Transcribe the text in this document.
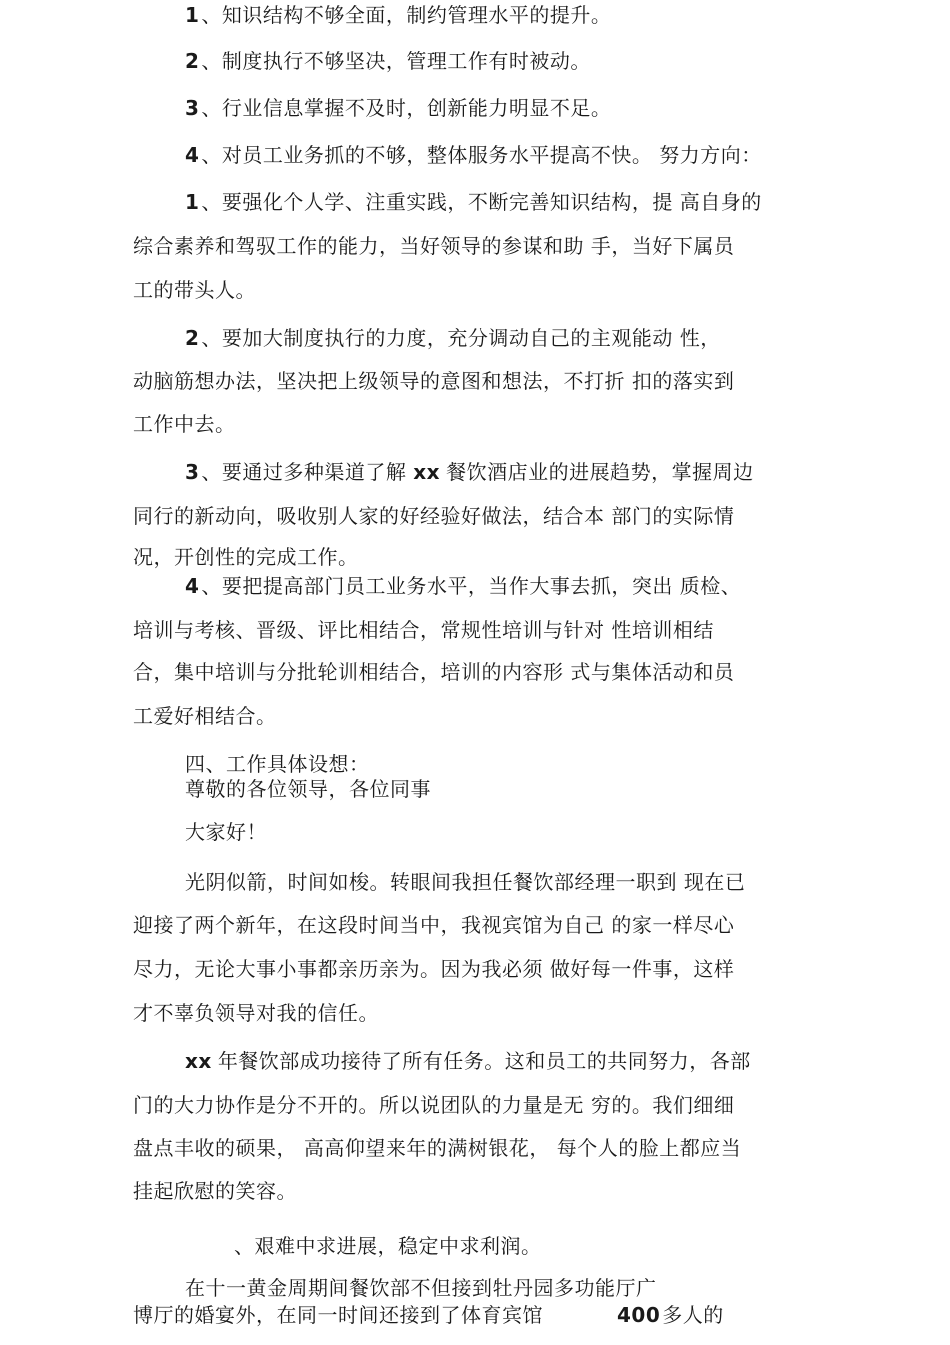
1 、知识结构不够全面，制约管理水平的提升。
2 、制度执行不够坚决，管理工作有时被动。
3 、行业信息掌握不及时，创新能力明显不足。
4 、对员工业务抓的不够，整体服务水平提高不快。 努力方向：
1 、要强化个人学、注重实践，不断完善知识结构，提 高自身的
综合素养和驾驭工作的能力，当好领导的参谋和助 手，当好下属员
工的带头人。
2 、要加大制度执行的力度，充分调动自己的主观能动 性，
动脑筋想办法，坚决把上级领导的意图和想法，不打折 扣的落实到
工作中去。
3 、要通过多种渠道了解 xx 餐饮酒店业的进展趋势，掌握周边
同行的新动向，吸收别人家的好经验好做法，结合本 部门的实际情
况，开创性的完成工作。
4 、要把提高部门员工业务水平，当作大事去抓，突出 质检、
培训与考核、晋级、评比相结合，常规性培训与针对 性培训相结
合，集中培训与分批轮训相结合，培训的内容形 式与集体活动和员
工爱好相结合。
四、工作具体设想：
尊敬的各位领导，各位同事
大家好！
光阴似箭，时间如梭。转眼间我担任餐饮部经理一职到 现在已
迎接了两个新年，在这段时间当中，我视宾馆为自己 的家一样尽心
尽力，无论大事小事都亲历亲为。因为我必须 做好每一件事，这样
才不辜负领导对我的信任。
xx 年餐饮部成功接待了所有任务。这和员工的共同努力，各部
门的大力协作是分不开的。所以说团队的力量是无 穷的。我们细细
盘点丰收的硕果， 高高仰望来年的满树银花， 每个人的脸上都应当
挂起欣慰的笑容。
、艰难中求进展，稳定中求利润。
在十一黄金周期间餐饮部不但接到牡丹园多功能厅广
博厅的婚宴外，在同一时间还接到了体育宾馆	400 多人的
